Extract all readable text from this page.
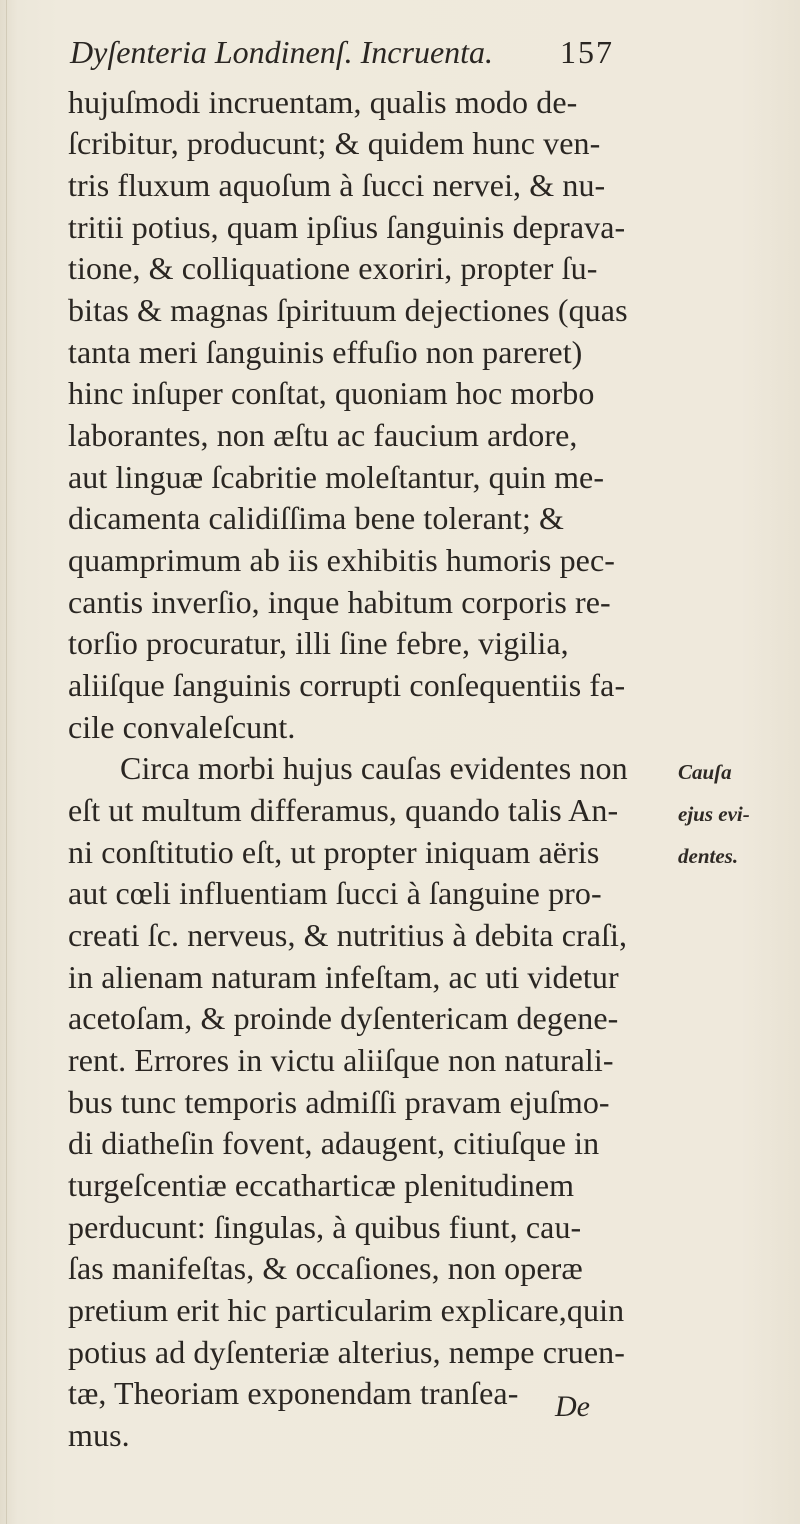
Dyſenteria Londinenſ. Incruenta. 157
hujuſmodi incruentam, qualis modo de-
ſcribitur, producunt; & quidem hunc ven-
tris fluxum aquoſum à ſucci nervei, & nu-
tritii potius, quam ipſius ſanguinis deprava-
tione, & colliquatione exoriri, propter ſu-
bitas & magnas ſpirituum dejectiones (quas
tanta meri ſanguinis effuſio non pareret)
hinc inſuper conſtat, quoniam hoc morbo
laborantes, non æſtu ac faucium ardore,
aut linguæ ſcabritie moleſtantur, quin me-
dicamenta calidiſſima bene tolerant; &
quamprimum ab iis exhibitis humoris pec-
cantis inverſio, inque habitum corporis re-
torſio procuratur, illi ſine febre, vigilia,
aliiſque ſanguinis corrupti conſequentiis fa-
cile convaleſcunt.
Circa morbi hujus cauſas evidentes non
eſt ut multum differamus, quando talis An-
ni conſtitutio eſt, ut propter iniquam aëris
aut cœli influentiam ſucci à ſanguine pro-
creati ſc. nerveus, & nutritius à debita craſi,
in alienam naturam infeſtam, ac uti videtur
acetoſam, & proinde dyſentericam degene-
rent. Errores in victu aliiſque non naturali-
bus tunc temporis admiſſi pravam ejuſmo-
di diatheſin fovent, adaugent, citiuſque in
turgeſcentiæ eccatharticæ plenitudinem
perducunt: ſingulas, à quibus fiunt, cau-
ſas manifeſtas, & occaſiones, non operæ
pretium erit hic particularim explicare,quin
potius ad dyſenteriæ alterius, nempe cruen-
tæ, Theoriam exponendam tranſea-
mus.
Cauſa
ejus evi-
dentes.
De
